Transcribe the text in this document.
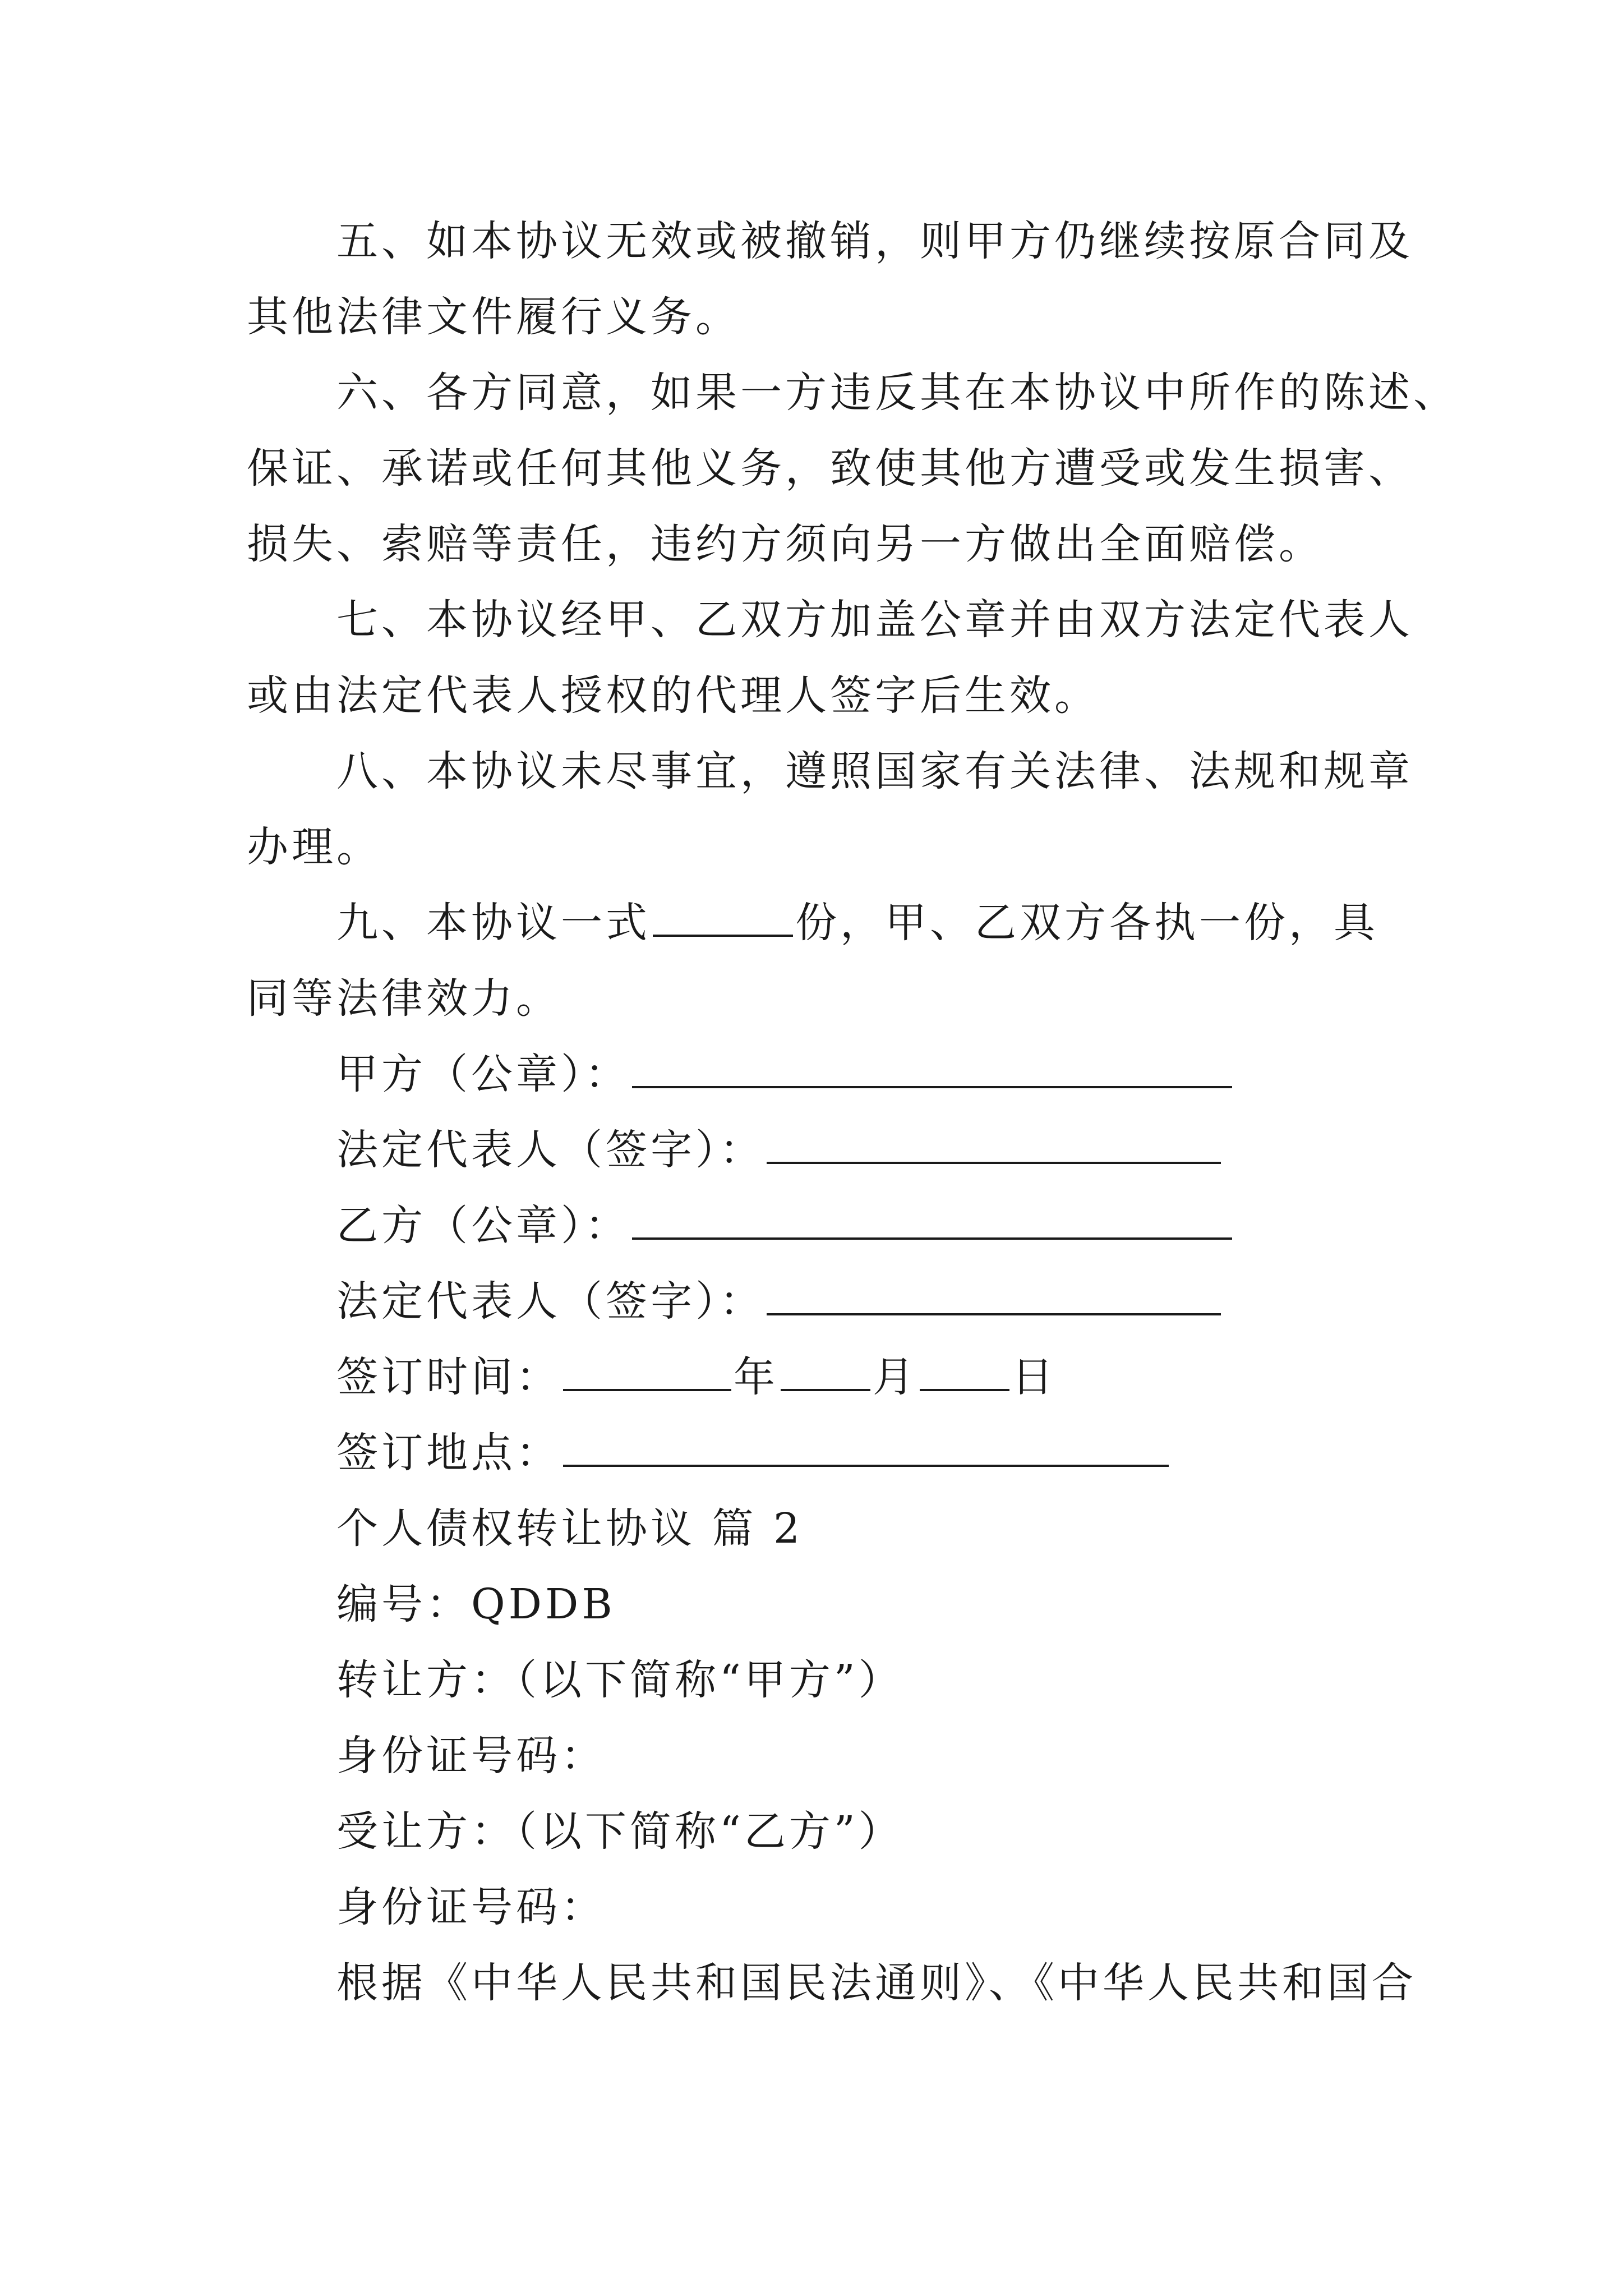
五、如本协议无效或被撤销，则甲方仍继续按原合同及
其他法律文件履行义务。
六、各方同意，如果一方违反其在本协议中所作的陈述、
保证、承诺或任何其他义务，致使其他方遭受或发生损害、
损失、索赔等责任，违约方须向另一方做出全面赔偿。
七、本协议经甲、乙双方加盖公章并由双方法定代表人
或由法定代表人授权的代理人签字后生效。
八、本协议未尽事宜，遵照国家有关法律、法规和规章
办理。
九、本协议一式	份，甲、乙双方各执一份，具
同等法律效力。
甲方（公章）：
法定代表人（签字）：
乙方（公章）：
法定代表人（签字）：
签订时间：	年 月 日
签订地点：
个人债权转让协议 篇 2
编号：QDDB
转让方：（以下简称“甲方”）
身份证号码：
受让方：（以下简称“乙方”）
身份证号码：
根据《中华人民共和国民法通则》、《中华人民共和国合
